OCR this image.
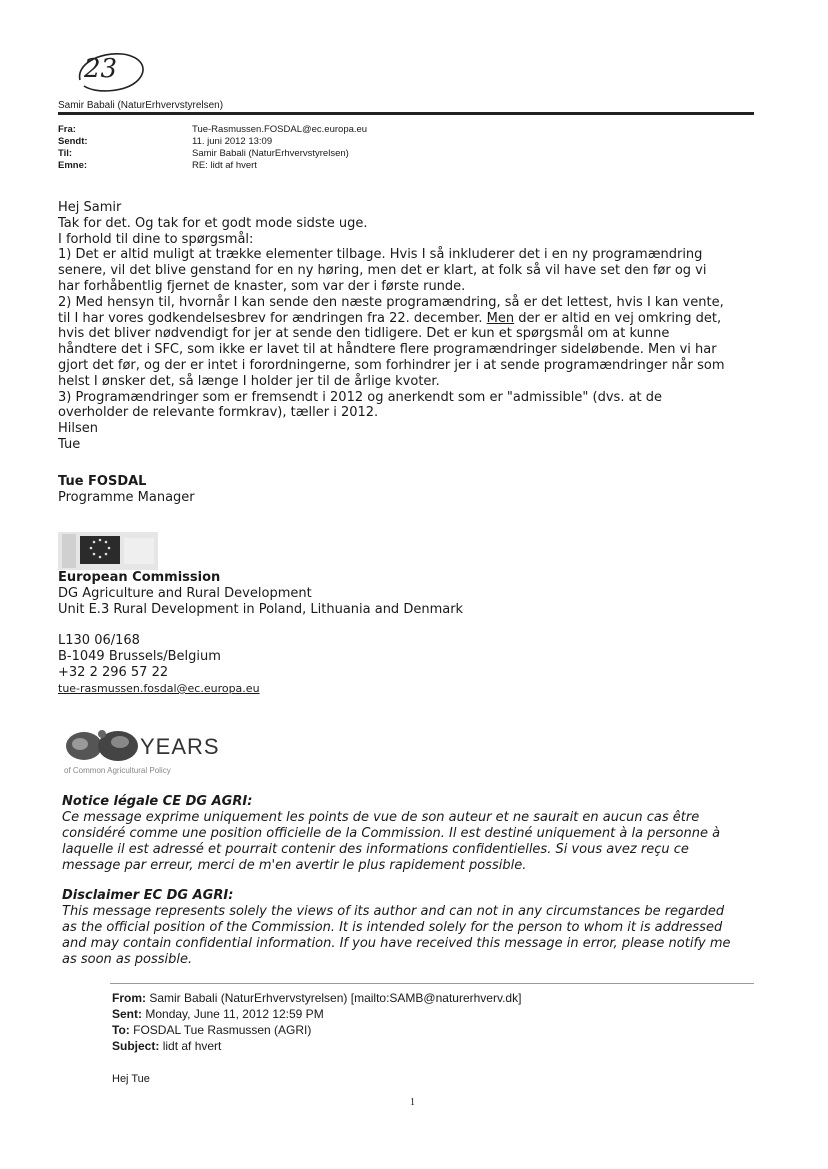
23
Samir Babali (NaturErhvervstyrelsen)
Fra:	Tue-Rasmussen.FOSDAL@ec.europa.eu
Sendt:	11. juni 2012 13:09
Til:	Samir Babali (NaturErhvervstyrelsen)
Emne:	RE: lidt af hvert

Hej Samir

Tak for det. Og tak for et godt mode sidste uge.

I forhold til dine to spørgsmål:

1) Det er altid muligt at trække elementer tilbage. Hvis I så inkluderer det i en ny programændring

senere, vil det blive genstand for en ny høring, men det er klart, at folk så vil have set den før og vi

har forhåbentlig fjernet de knaster, som var der i første runde.

2) Med hensyn til, hvornår I kan sende den næste programændring, så er det lettest, hvis I kan vente,

til I har vores godkendelsesbrev for ændringen fra 22. december. Men der er altid en vej omkring det,

hvis det bliver nødvendigt for jer at sende den tidligere. Det er kun et spørgsmål om at kunne

håndtere det i SFC, som ikke er lavet til at håndtere flere programændringer sideløbende. Men vi har

gjort det før, og der er intet i forordningerne, som forhindrer jer i at sende programændringer når som

helst I ønsker det, så længe I holder jer til de årlige kvoter.

3) Programændringer som er fremsendt i 2012 og anerkendt som er "admissible" (dvs. at de

overholder de relevante formkrav), tæller i 2012.

Hilsen

Tue

Tue FOSDAL
Programme Manager
European Commission
DG Agriculture and Rural Development
Unit E.3 Rural Development in Poland, Lithuania and Denmark
L130 06/168
B-1049 Brussels/Belgium
+32 2 296 57 22
tue-rasmussen.fosdal@ec.europa.eu
YEARS
of Common Agricultural Policy

Notice légale CE DG AGRI:

Ce message exprime uniquement les points de vue de son auteur et ne saurait en aucun cas être

considéré comme une position officielle de la Commission. Il est destiné uniquement à la personne à

laquelle il est adressé et pourrait contenir des informations confidentielles. Si vous avez reçu ce

message par erreur, merci de m'en avertir le plus rapidement possible.

Disclaimer EC DG AGRI:

This message represents solely the views of its author and can not in any circumstances be regarded

as the official position of the Commission. It is intended solely for the person to whom it is addressed

and may contain confidential information. If you have received this message in error, please notify me

as soon as possible.

From: Samir Babali (NaturErhvervstyrelsen) [mailto:SAMB@naturerhverv.dk]
Sent: Monday, June 11, 2012 12:59 PM
To: FOSDAL Tue Rasmussen (AGRI)
Subject: lidt af hvert
Hej Tue
1
